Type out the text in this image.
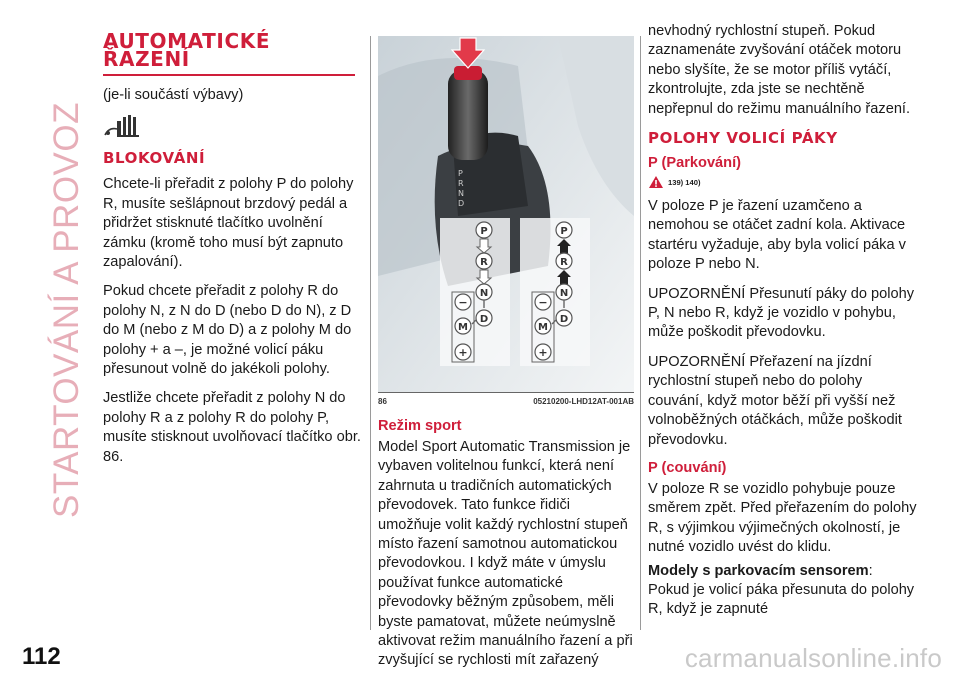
STARTOVÁNÍ A PROVOZ
AUTOMATICKÉ
ŘAZENÍ

(je-li součástí výbavy)

BLOKOVÁNÍ

Chcete-li přeřadit z polohy P do polohy R, musíte sešlápnout brzdový pedál a přidržet stisknuté tlačítko uvolnění zámku (kromě toho musí být zapnuto zapalování).

Pokud chcete přeřadit z polohy R do polohy N, z N do D (nebo D do N), z D do M (nebo z M do D) a z polohy M do polohy + a –, je možné volicí páku přesunout volně do jakékoli polohy.

Jestliže chcete přeřadit z polohy N do polohy R a z polohy R do polohy P, musíte stisknout uvolňovací tlačítko obr. 86.

P
R
N
D
P
R
N
D
−
M
+
P
R
N
D
−
M
+
86	05210200-LHD12AT-001AB
Režim sport

Model Sport Automatic Transmission je vybaven volitelnou funkcí, která není zahrnuta u tradičních automatických převodovek. Tato funkce řidiči umožňuje volit každý rychlostní stupeň místo řazení samotnou automatickou převodovkou. I když máte v úmyslu používat funkce automatické převodovky běžným způsobem, měli byste pamatovat, můžete neúmyslně aktivovat režim manuálního řazení a při zvyšující se rychlosti mít zařazený

nevhodný rychlostní stupeň. Pokud zaznamenáte zvyšování otáček motoru nebo slyšíte, že se motor příliš vytáčí, zkontrolujte, zda jste se nechtěně nepřepnul do režimu manuálního řazení.

POLOHY VOLICÍ PÁKY
P (Parkování)
139) 140)

V poloze P je řazení uzamčeno a nemohou se otáčet zadní kola. Aktivace startéru vyžaduje, aby byla volicí páka v poloze P nebo N.

UPOZORNĚNÍ Přesunutí páky do polohy P, N nebo R, když je vozidlo v pohybu, může poškodit převodovku.

UPOZORNĚNÍ Přeřazení na jízdní rychlostní stupeň nebo do polohy couvání, když motor běží při vyšší než volnoběžných otáčkách, může poškodit převodovku.

P (couvání)

V poloze R se vozidlo pohybuje pouze směrem zpět. Před přeřazením do polohy R, s výjimkou výjimečných okolností, je nutné vozidlo uvést do klidu.

Modely s parkovacím sensorem:

Pokud je volicí páka přesunuta do polohy R, když je zapnuté

112	carmanualsonline.info
